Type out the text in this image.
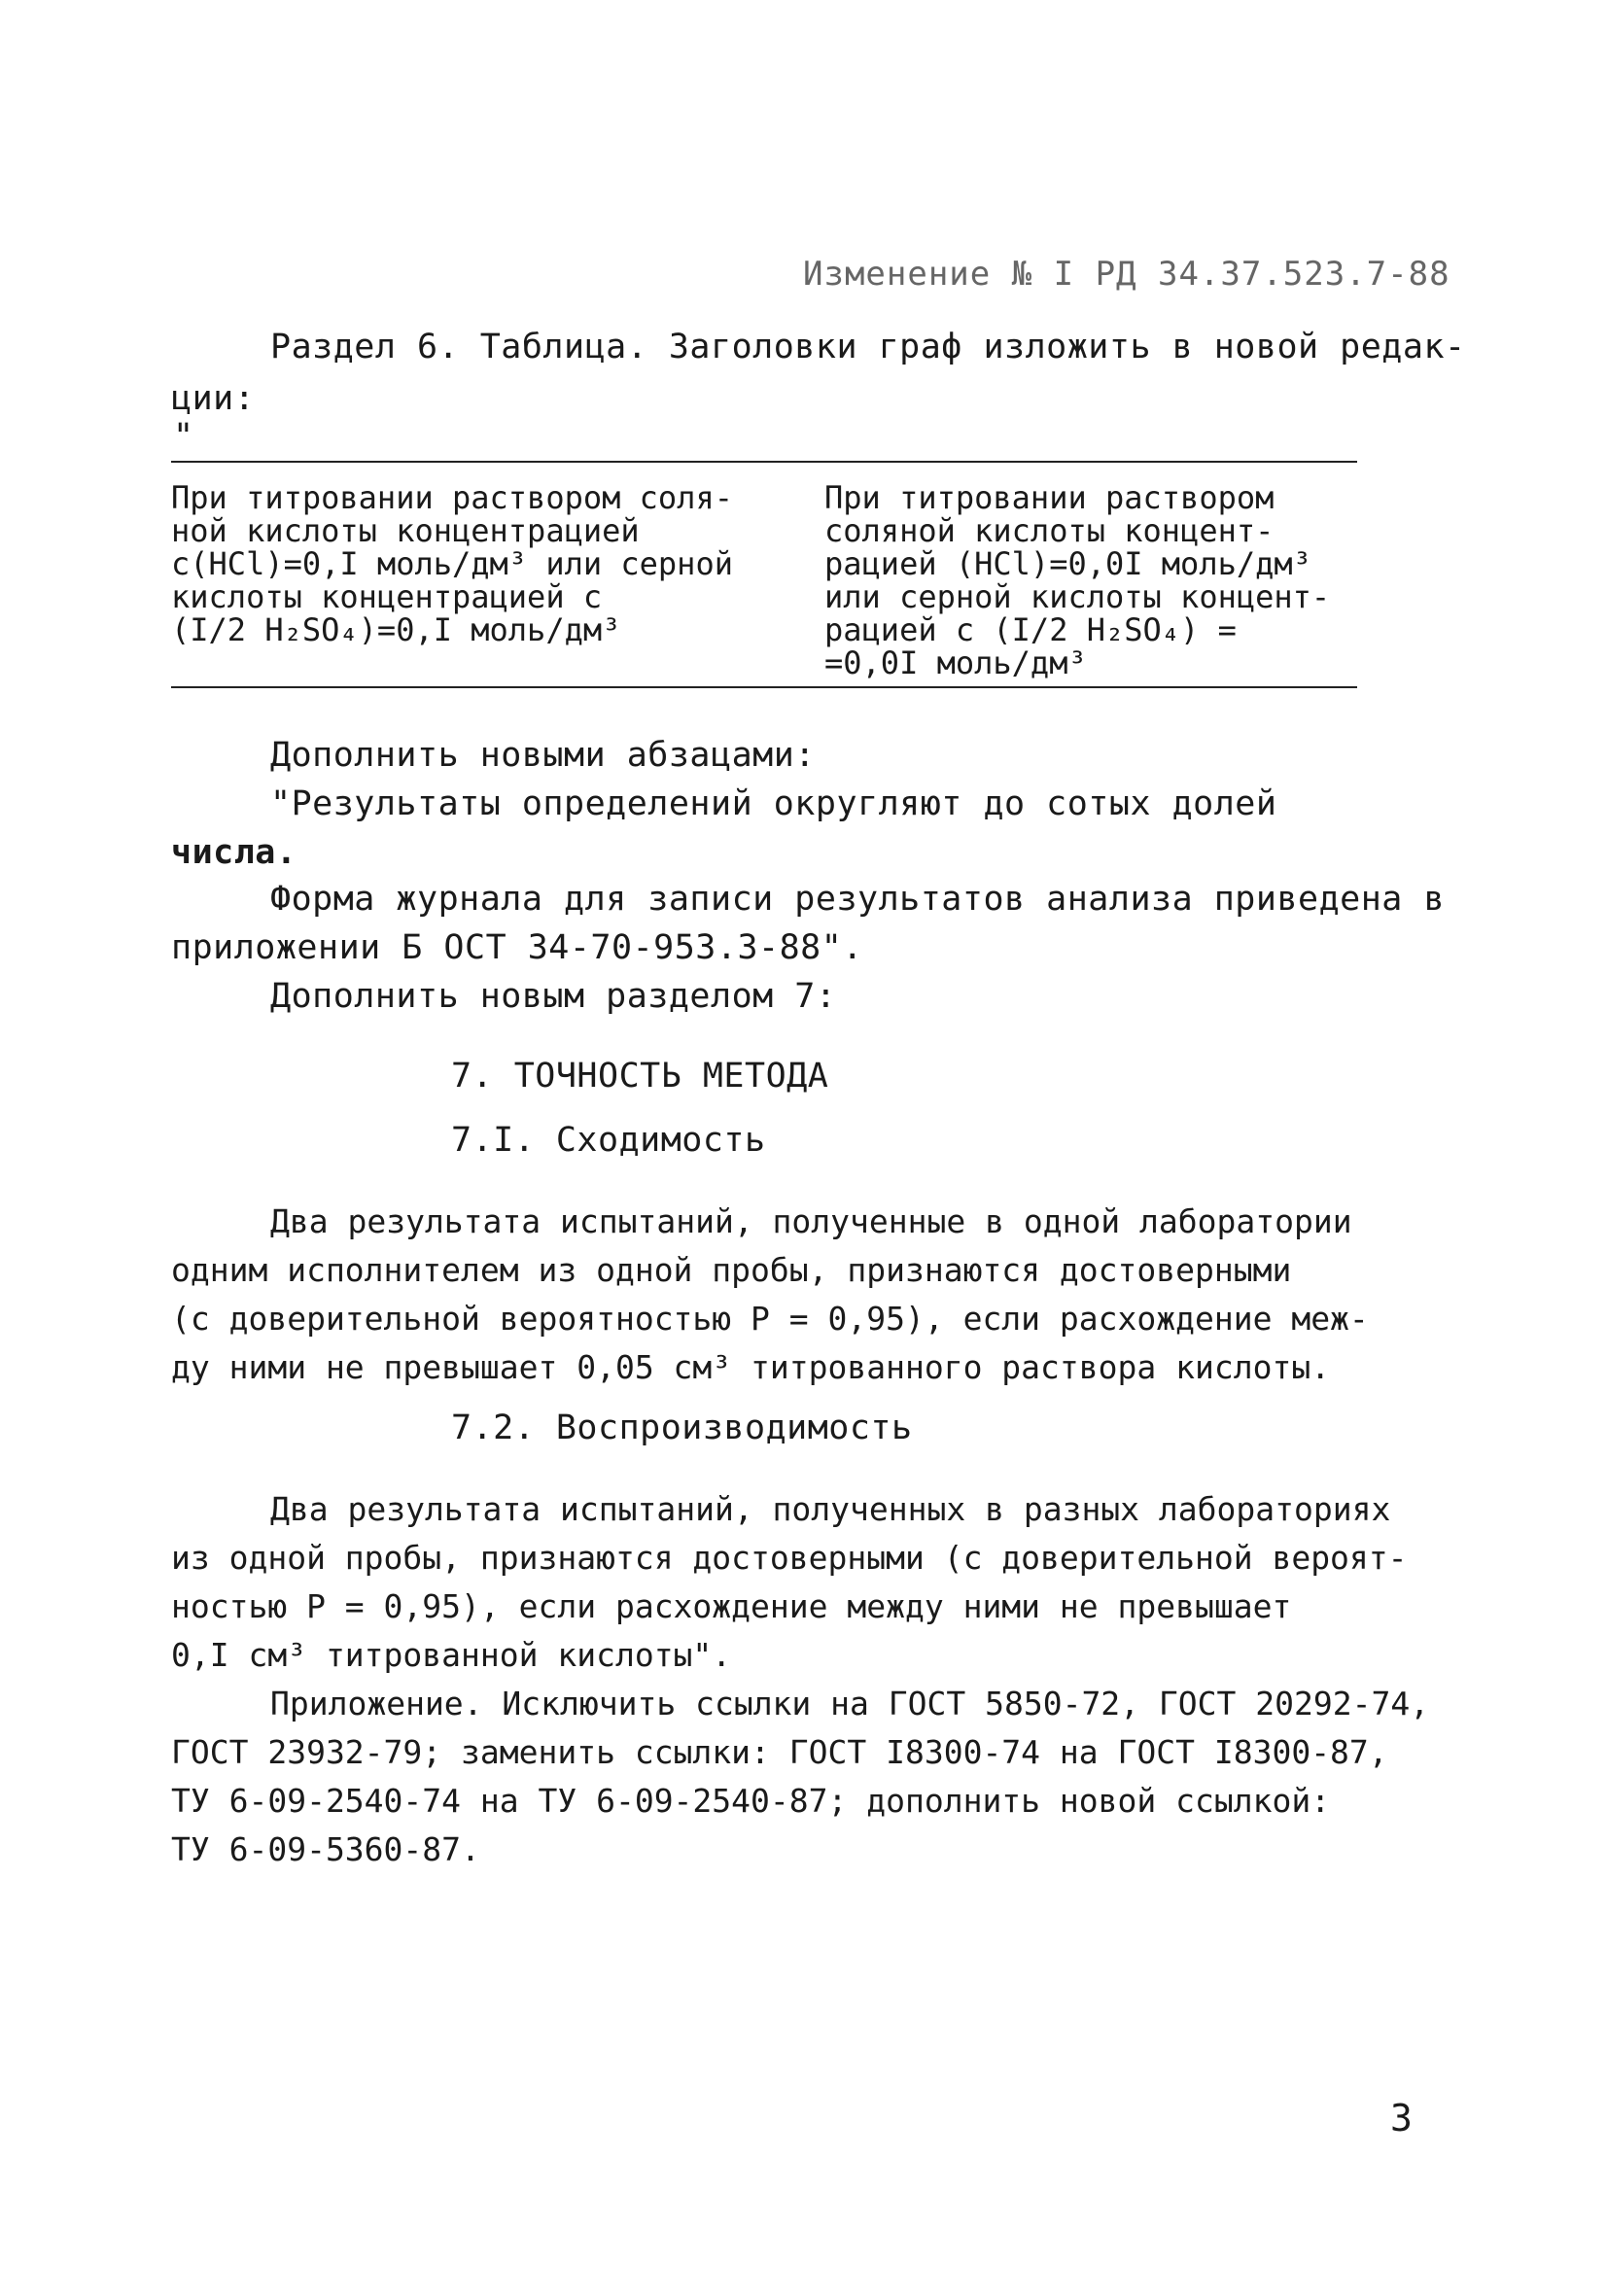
Изменение № I РД 34.37.523.7-88
Раздел 6. Таблица. Заголовки граф изложить в новой редак-
ции:
"
При титровании раствором соля-
ной кислоты концентрацией
с(HCl)=0,I моль/дм³ или серной
кислоты концентрацией с
(I/2 H₂SO₄)=0,I моль/дм³
При титровании раствором
соляной кислоты концент-
рацией (HCl)=0,0I моль/дм³
или серной кислоты концент-
рацией с (I/2 H₂SO₄) =
=0,0I моль/дм³
Дополнить новыми абзацами:
"Результаты определений округляют до сотых долей
числа.
Форма журнала для записи результатов анализа приведена в
приложении Б ОСТ 34-70-953.3-88".
Дополнить новым разделом 7:
7. ТОЧНОСТЬ МЕТОДА
7.I. Сходимость
Два результата испытаний, полученные в одной лаборатории
одним исполнителем из одной пробы, признаются достоверными
(с доверительной вероятностью P = 0,95), если расхождение меж-
ду ними не превышает 0,05 см³ титрованного раствора кислоты.
7.2. Воспроизводимость
Два результата испытаний, полученных в разных лабораториях
из одной пробы, признаются достоверными (с доверительной вероят-
ностью P = 0,95), если расхождение между ними не превышает
0,I см³ титрованной кислоты".
Приложение. Исключить ссылки на ГОСТ 5850-72, ГОСТ 20292-74,
ГОСТ 23932-79; заменить ссылки: ГОСТ I8300-74 на ГОСТ I8300-87,
ТУ 6-09-2540-74 на ТУ 6-09-2540-87; дополнить новой ссылкой:
ТУ 6-09-5360-87.
3
